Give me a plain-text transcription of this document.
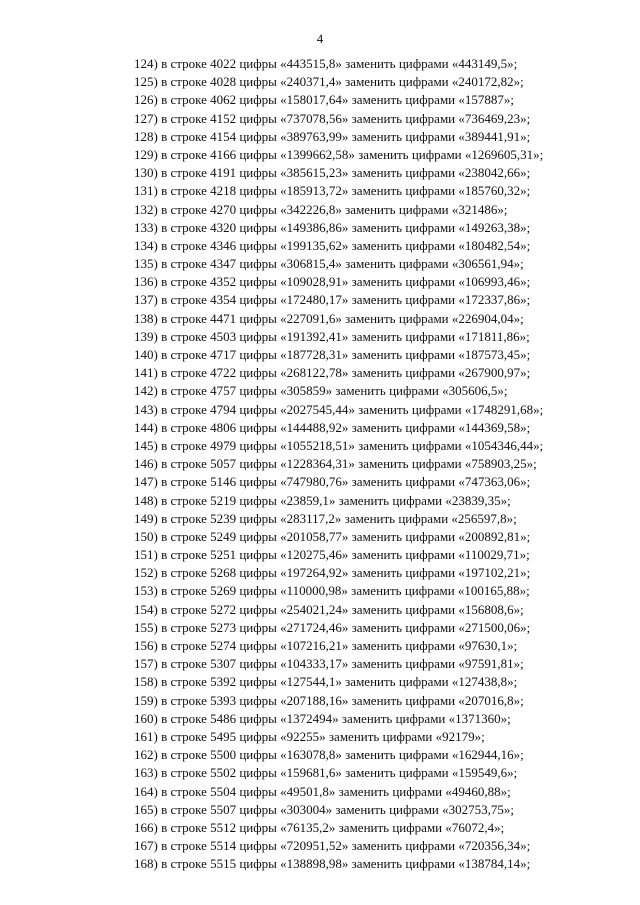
4
124) в строке 4022 цифры «443515,8» заменить цифрами «443149,5»;
125) в строке 4028 цифры «240371,4» заменить цифрами «240172,82»;
126) в строке 4062 цифры «158017,64» заменить цифрами «157887»;
127) в строке 4152 цифры «737078,56» заменить цифрами «736469,23»;
128) в строке 4154 цифры «389763,99» заменить цифрами «389441,91»;
129) в строке 4166 цифры «1399662,58» заменить цифрами «1269605,31»;
130) в строке 4191 цифры «385615,23» заменить цифрами «238042,66»;
131) в строке 4218 цифры «185913,72» заменить цифрами «185760,32»;
132) в строке 4270 цифры «342226,8» заменить цифрами «321486»;
133) в строке 4320 цифры «149386,86» заменить цифрами «149263,38»;
134) в строке 4346 цифры «199135,62» заменить цифрами «180482,54»;
135) в строке 4347 цифры «306815,4» заменить цифрами «306561,94»;
136) в строке 4352 цифры «109028,91» заменить цифрами «106993,46»;
137) в строке 4354 цифры «172480,17» заменить цифрами «172337,86»;
138) в строке 4471 цифры «227091,6» заменить цифрами «226904,04»;
139) в строке 4503 цифры «191392,41» заменить цифрами «171811,86»;
140) в строке 4717 цифры «187728,31» заменить цифрами «187573,45»;
141) в строке 4722 цифры «268122,78» заменить цифрами «267900,97»;
142) в строке 4757 цифры «305859» заменить цифрами «305606,5»;
143) в строке 4794 цифры «2027545,44» заменить цифрами «1748291,68»;
144) в строке 4806 цифры «144488,92» заменить цифрами «144369,58»;
145) в строке 4979 цифры «1055218,51» заменить цифрами «1054346,44»;
146) в строке 5057 цифры «1228364,31» заменить цифрами «758903,25»;
147) в строке 5146 цифры «747980,76» заменить цифрами «747363,06»;
148) в строке 5219 цифры «23859,1» заменить цифрами «23839,35»;
149) в строке 5239 цифры «283117,2» заменить цифрами «256597,8»;
150) в строке 5249 цифры «201058,77» заменить цифрами «200892,81»;
151) в строке 5251 цифры «120275,46» заменить цифрами «110029,71»;
152) в строке 5268 цифры «197264,92» заменить цифрами «197102,21»;
153) в строке 5269 цифры «110000,98» заменить цифрами «100165,88»;
154) в строке 5272 цифры «254021,24» заменить цифрами «156808,6»;
155) в строке 5273 цифры «271724,46» заменить цифрами «271500,06»;
156) в строке 5274 цифры «107216,21» заменить цифрами «97630,1»;
157) в строке 5307 цифры «104333,17» заменить цифрами «97591,81»;
158) в строке 5392 цифры «127544,1» заменить цифрами «127438,8»;
159) в строке 5393 цифры «207188,16» заменить цифрами «207016,8»;
160) в строке 5486 цифры «1372494» заменить цифрами «1371360»;
161) в строке 5495 цифры «92255» заменить цифрами «92179»;
162) в строке 5500 цифры «163078,8» заменить цифрами «162944,16»;
163) в строке 5502 цифры «159681,6» заменить цифрами «159549,6»;
164) в строке 5504 цифры «49501,8» заменить цифрами «49460,88»;
165) в строке 5507 цифры «303004» заменить цифрами «302753,75»;
166) в строке 5512 цифры «76135,2» заменить цифрами «76072,4»;
167) в строке 5514 цифры «720951,52» заменить цифрами «720356,34»;
168) в строке 5515 цифры «138898,98» заменить цифрами «138784,14»;
